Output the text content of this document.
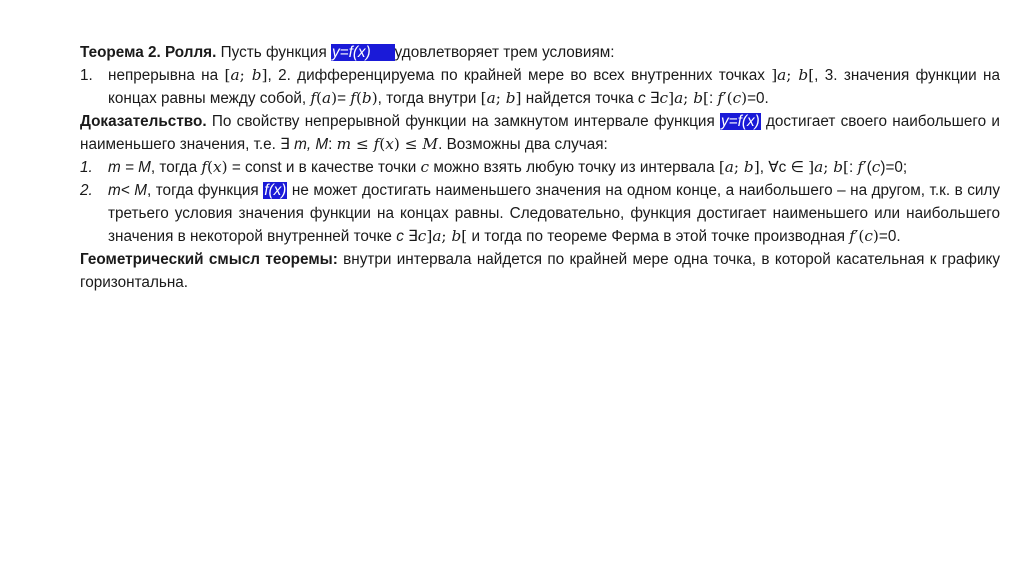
Теорема 2. Ролля. Пусть функция y=f(x) удовлетворяет трем условиям:

1. непрерывна на [𝑎; 𝑏], 2. дифференцируема по крайней мере во всех внутренних точках ]𝑎; 𝑏[, 3. значения функции на концах равны между собой, 𝑓(𝑎)= 𝑓(𝑏), тогда внутри [𝑎; 𝑏] найдется точка c ∃𝑐]𝑎; 𝑏[: 𝑓′(𝑐)=0.

Доказательство. По свойству непрерывной функции на замкнутом интервале функция y=f(x) достигает своего наибольшего и наименьшего значения, т.е. ∃ m, M: 𝑚 ≤ 𝑓(𝑥) ≤ 𝑀. Возможны два случая:

1. m = M, тогда 𝑓(𝑥) = const и в качестве точки 𝑐 можно взять любую точку из интервала [𝑎; 𝑏], ∀c ∈ ]𝑎; 𝑏[: 𝑓′(𝑐)=0;
2. m< M, тогда функция f(x) не может достигать наименьшего значения на одном конце, а наибольшего – на другом, т.к. в силу третьего условия значения функции на концах равны. Следовательно, функция достигает наименьшего или наибольшего значения в некоторой внутренней точке c ∃𝑐]𝑎; 𝑏[ и тогда по теореме Ферма в этой точке производная 𝑓′(𝑐)=0.

Геометрический смысл теоремы: внутри интервала найдется по крайней мере одна точка, в которой касательная к графику горизонтальна.
